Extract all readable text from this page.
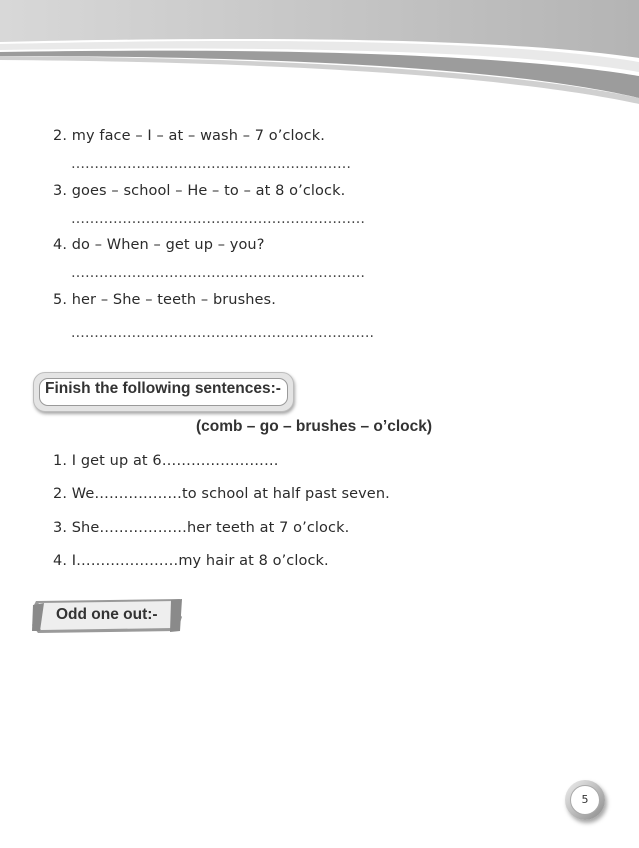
2. my face – I – at – wash – 7 o’clock.
……………………………………………………
3. goes – school – He – to – at 8 o’clock.
………………………………………………………
4. do – When – get up – you?
………………………………………………………
5. her – She – teeth – brushes.
.……………………………………………………….
Finish the following sentences:-
(comb – go – brushes – o’clock)
1. I get up at 6……………………
2. We………………to school at half past seven.
3. She………………her teeth at 7 o’clock.
4. I…………………my hair at 8 o’clock.
Odd one out:-
5
